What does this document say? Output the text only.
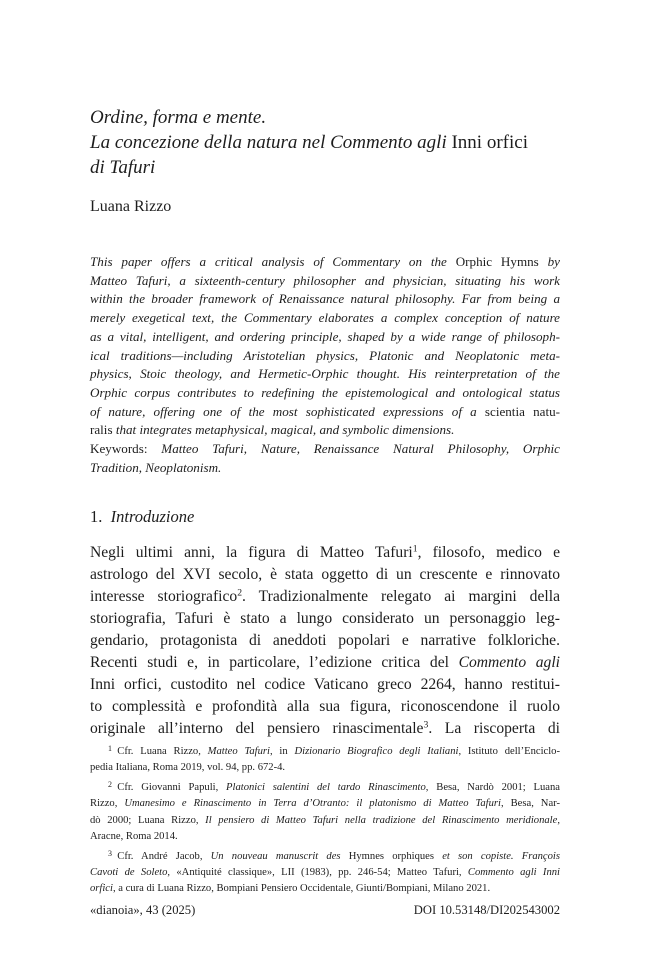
Ordine, forma e mente.
La concezione della natura nel Commento agli Inni orfici
di Tafuri
Luana Rizzo
This paper offers a critical analysis of Commentary on the Orphic Hymns by
Matteo Tafuri, a sixteenth-century philosopher and physician, situating his work
within the broader framework of Renaissance natural philosophy. Far from being a
merely exegetical text, the Commentary elaborates a complex conception of nature
as a vital, intelligent, and ordering principle, shaped by a wide range of philosoph-
ical traditions—including Aristotelian physics, Platonic and Neoplatonic meta-
physics, Stoic theology, and Hermetic-Orphic thought. His reinterpretation of the
Orphic corpus contributes to redefining the epistemological and ontological status
of nature, offering one of the most sophisticated expressions of a scientia natu-
ralis that integrates metaphysical, magical, and symbolic dimensions.
Keywords: Matteo Tafuri, Nature, Renaissance Natural Philosophy, Orphic
Tradition, Neoplatonism.
1. Introduzione
Negli ultimi anni, la figura di Matteo Tafuri$^1$, filosofo, medico e
astrologo del XVI secolo, è stata oggetto di un crescente e rinnovato
interesse storiografico$^2$. Tradizionalmente relegato ai margini della
storiografia, Tafuri è stato a lungo considerato un personaggio leg-
gendario, protagonista di aneddoti popolari e narrative folkloriche.
Recenti studi e, in particolare, l’edizione critica del Commento agli
Inni orfici, custodito nel codice Vaticano greco 2264, hanno restitui-
to complessità e profondità alla sua figura, riconoscendone il ruolo
originale all’interno del pensiero rinascimentale$^3$. La riscoperta di
$^1$  Cfr. Luana Rizzo, Matteo Tafuri, in Dizionario Biografico degli Italiani, Istituto dell’Enciclo-
pedia Italiana, Roma 2019, vol. 94, pp. 672-4.
$^2$  Cfr. Giovanni Papuli, Platonici salentini del tardo Rinascimento, Besa, Nardò 2001; Luana
Rizzo, Umanesimo e Rinascimento in Terra d’Otranto: il platonismo di Matteo Tafuri, Besa, Nar-
dò 2000; Luana Rizzo, Il pensiero di Matteo Tafuri nella tradizione del Rinascimento meridionale,
Aracne, Roma 2014.
$^3$  Cfr. André Jacob, Un nouveau manuscrit des Hymnes orphiques et son copiste. François
Cavoti de Soleto, «Antiquité classique», LII (1983), pp. 246-54; Matteo Tafuri, Commento agli Inni
orfici, a cura di Luana Rizzo, Bompiani Pensiero Occidentale, Giunti/Bompiani, Milano 2021.
«dianoia», 43 (2025)	DOI 10.53148/DI202543002
